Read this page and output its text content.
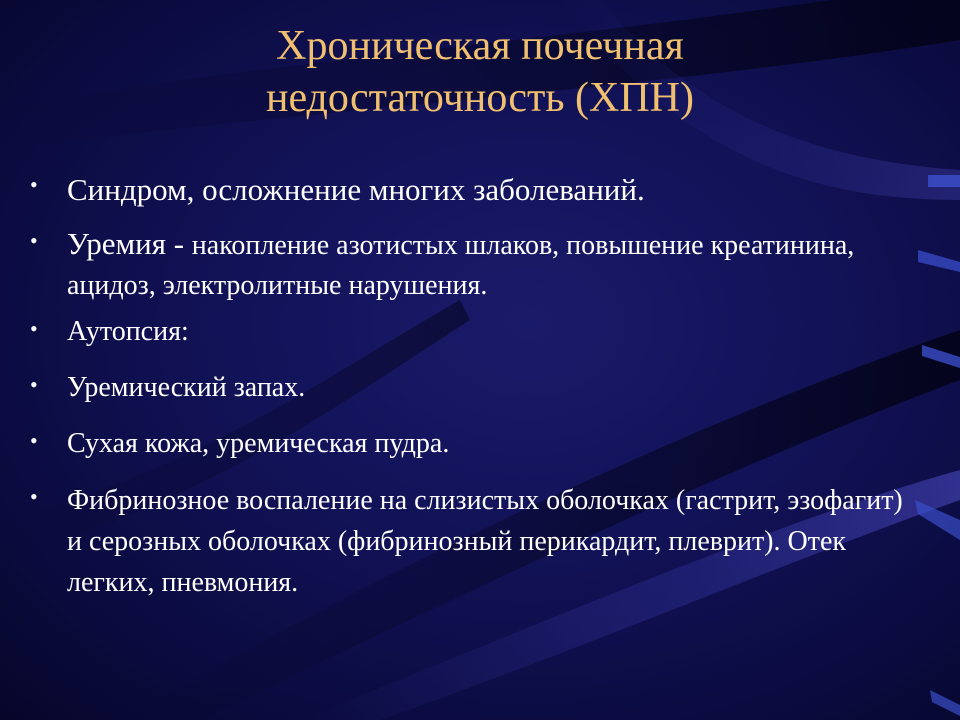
Хроническая почечная
недостаточность (ХПН)
• Синдром, осложнение многих заболеваний.
• Уремия - накопление азотистых шлаков, повышение креатинина, ацидоз, электролитные нарушения.
• Аутопсия:
• Уремический запах.
• Сухая кожа, уремическая пудра.
• Фибринозное воспаление на слизистых оболочках (гастрит, эзофагит) и серозных оболочках (фибринозный перикардит, плеврит). Отек легких, пневмония.
